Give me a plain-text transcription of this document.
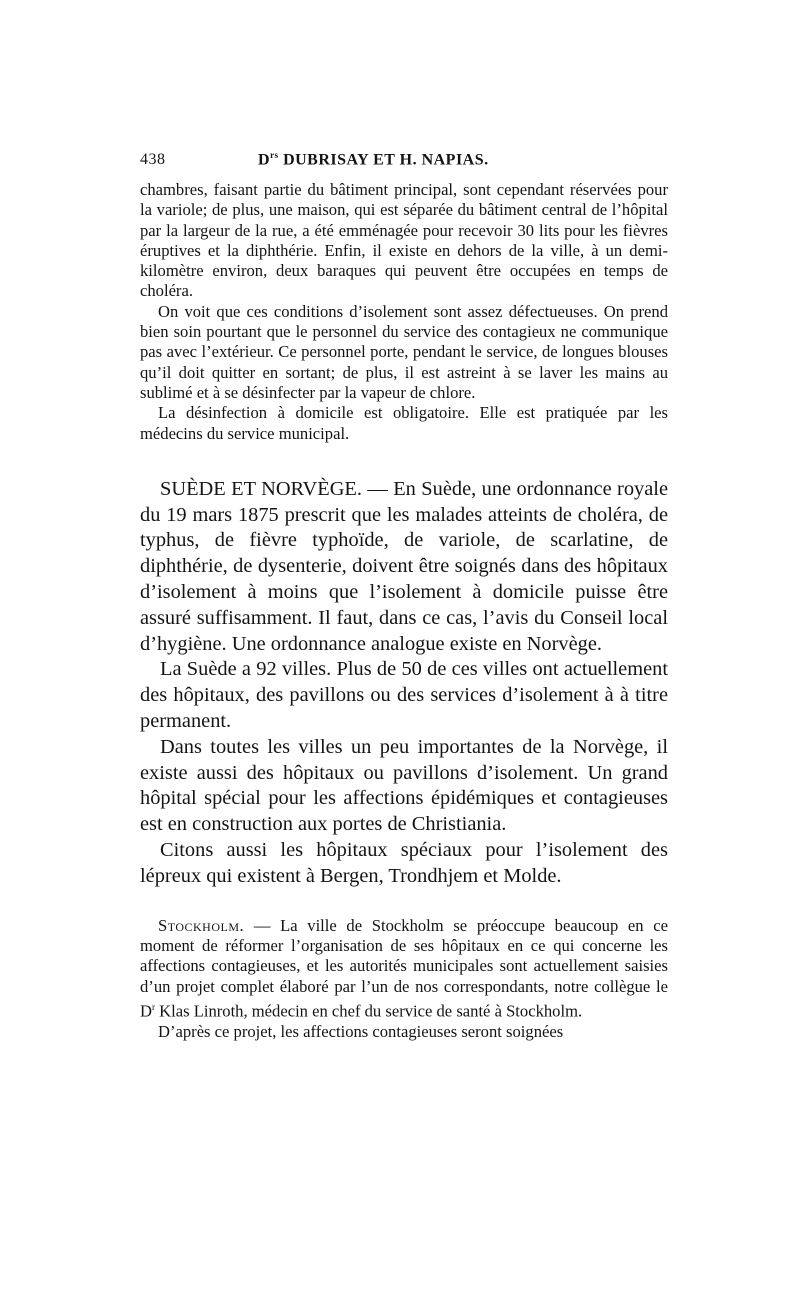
438	$D^{rs}$ DUBRISAY ET H. NAPIAS.

chambres, faisant partie du bâtiment principal, sont cependant réservées pour la variole; de plus, une maison, qui est séparée du bâtiment central de l’hôpital par la largeur de la rue, a été emménagée pour recevoir 30 lits pour les fièvres éruptives et la diphthérie. Enfin, il existe en dehors de la ville, à un demi-kilomètre environ, deux baraques qui peuvent être occupées en temps de choléra.

On voit que ces conditions d’isolement sont assez défectueuses. On prend bien soin pourtant que le personnel du service des contagieux ne communique pas avec l’extérieur. Ce personnel porte, pendant le service, de longues blouses qu’il doit quitter en sortant; de plus, il est astreint à se laver les mains au sublimé et à se désinfecter par la vapeur de chlore.

La désinfection à domicile est obligatoire. Elle est pratiquée par les médecins du service municipal.

SUÈDE ET NORVÈGE. — En Suède, une ordonnance royale du 19 mars 1875 prescrit que les malades atteints de choléra, de typhus, de fièvre typhoïde, de variole, de scarlatine, de diphthérie, de dysenterie, doivent être soignés dans des hôpitaux d’isolement à moins que l’isolement à domicile puisse être assuré suffisamment. Il faut, dans ce cas, l’avis du Conseil local d’hygiène. Une ordonnance analogue existe en Norvège.

La Suède a 92 villes. Plus de 50 de ces villes ont actuellement des hôpitaux, des pavillons ou des services d’isolement à à titre permanent.

Dans toutes les villes un peu importantes de la Norvège, il existe aussi des hôpitaux ou pavillons d’isolement. Un grand hôpital spécial pour les affections épidémiques et contagieuses est en construction aux portes de Christiania.

Citons aussi les hôpitaux spéciaux pour l’isolement des lépreux qui existent à Bergen, Trondhjem et Molde.

Stockholm. — La ville de Stockholm se préoccupe beaucoup en ce moment de réformer l’organisation de ses hôpitaux en ce qui concerne les affections contagieuses, et les autorités municipales sont actuellement saisies d’un projet complet élaboré par l’un de nos correspondants, notre collègue le $D^r$ Klas Linroth, médecin en chef du service de santé à Stockholm.

D’après ce projet, les affections contagieuses seront soignées
